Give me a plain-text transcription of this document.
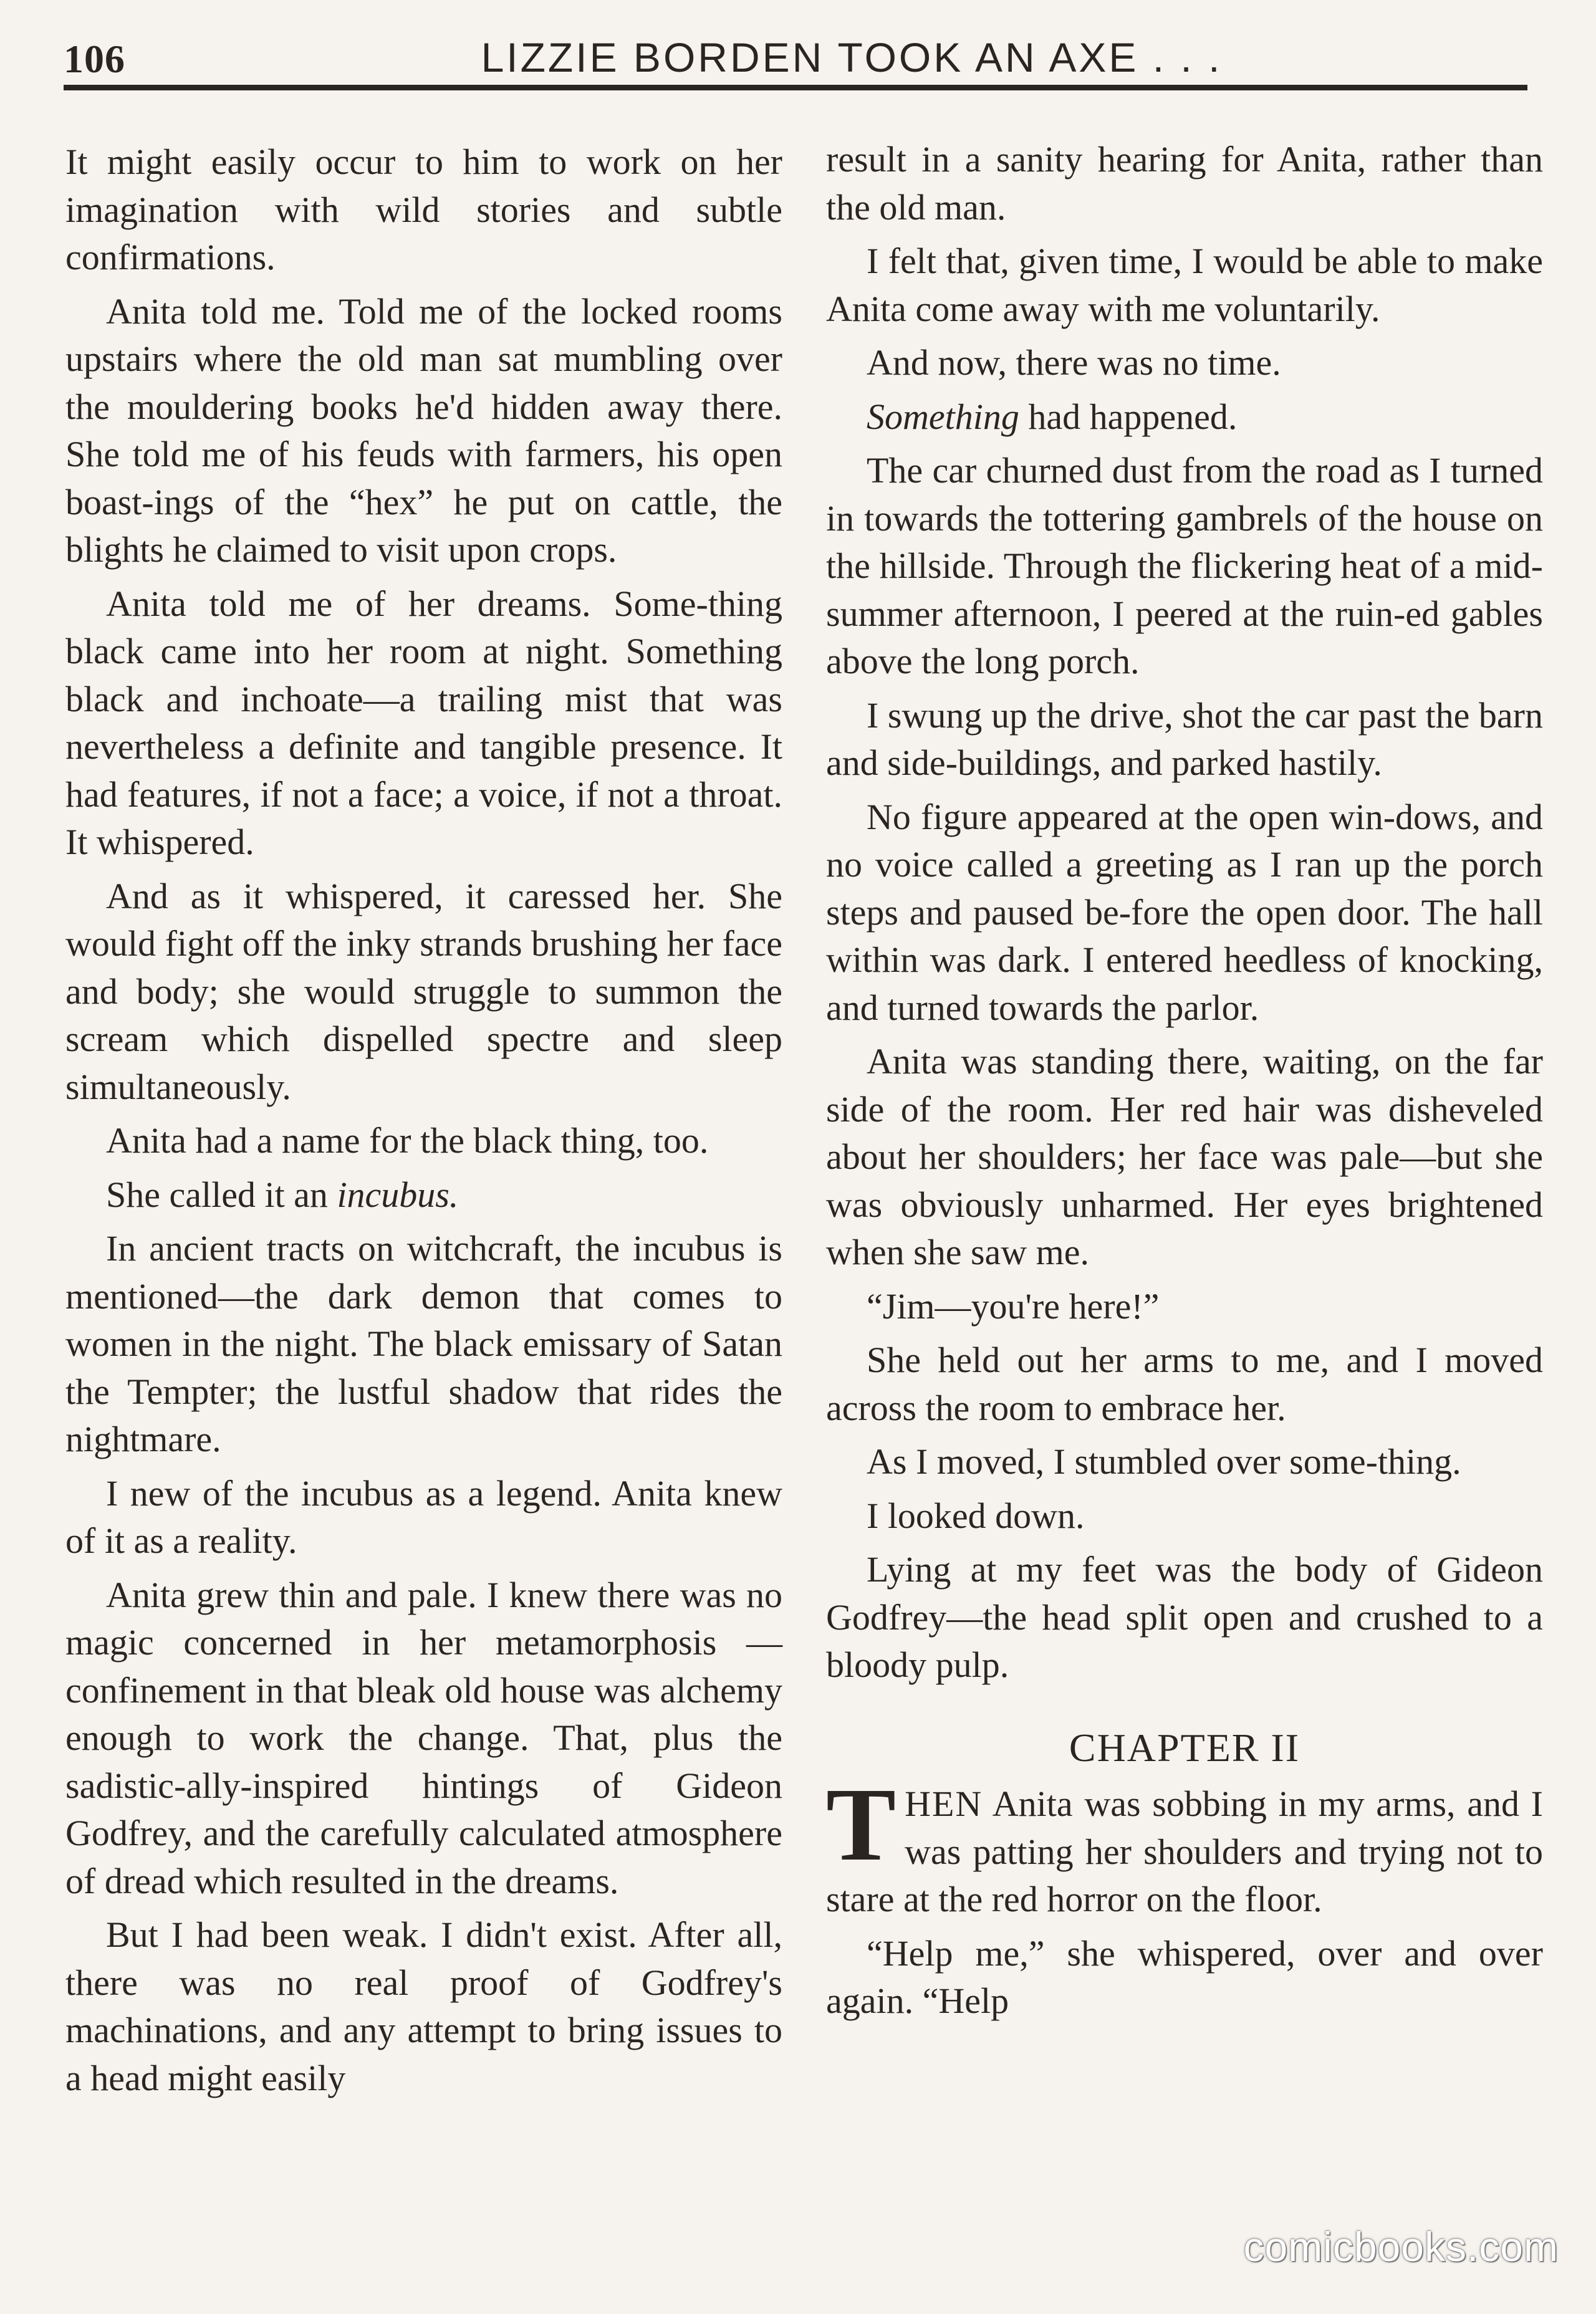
106	LIZZIE BORDEN TOOK AN AXE . . .

It might easily occur to him to work on her imagination with wild stories and subtle confirmations.

Anita told me. Told me of the locked rooms upstairs where the old man sat mumbling over the mouldering books he'd hidden away there. She told me of his feuds with farmers, his open boast-ings of the “hex” he put on cattle, the blights he claimed to visit upon crops.

Anita told me of her dreams. Some-thing black came into her room at night. Something black and inchoate—a trailing mist that was nevertheless a definite and tangible presence. It had features, if not a face; a voice, if not a throat. It whispered.

And as it whispered, it caressed her. She would fight off the inky strands brushing her face and body; she would struggle to summon the scream which dispelled spectre and sleep simultaneously.

Anita had a name for the black thing, too.

She called it an incubus.

In ancient tracts on witchcraft, the incubus is mentioned—the dark demon that comes to women in the night. The black emissary of Satan the Tempter; the lustful shadow that rides the nightmare.

I new of the incubus as a legend. Anita knew of it as a reality.

Anita grew thin and pale. I knew there was no magic concerned in her metamorphosis — confinement in that bleak old house was alchemy enough to work the change. That, plus the sadistic-ally-inspired hintings of Gideon Godfrey, and the carefully calculated atmosphere of dread which resulted in the dreams.

But I had been weak. I didn't exist. After all, there was no real proof of Godfrey's machinations, and any attempt to bring issues to a head might easily

result in a sanity hearing for Anita, rather than the old man.

I felt that, given time, I would be able to make Anita come away with me voluntarily.

And now, there was no time.

Something had happened.

The car churned dust from the road as I turned in towards the tottering gambrels of the house on the hillside. Through the flickering heat of a mid-summer afternoon, I peered at the ruin-ed gables above the long porch.

I swung up the drive, shot the car past the barn and side-buildings, and parked hastily.

No figure appeared at the open win-dows, and no voice called a greeting as I ran up the porch steps and paused be-fore the open door. The hall within was dark. I entered heedless of knocking, and turned towards the parlor.

Anita was standing there, waiting, on the far side of the room. Her red hair was disheveled about her shoulders; her face was pale—but she was obviously unharmed. Her eyes brightened when she saw me.

“Jim—you're here!”

She held out her arms to me, and I moved across the room to embrace her.

As I moved, I stumbled over some-thing.

I looked down.

Lying at my feet was the body of Gideon Godfrey—the head split open and crushed to a bloody pulp.

CHAPTER II

THEN Anita was sobbing in my arms, and I was patting her shoulders and trying not to stare at the red horror on the floor.

“Help me,” she whispered, over and over again. “Help

comicbooks.com
